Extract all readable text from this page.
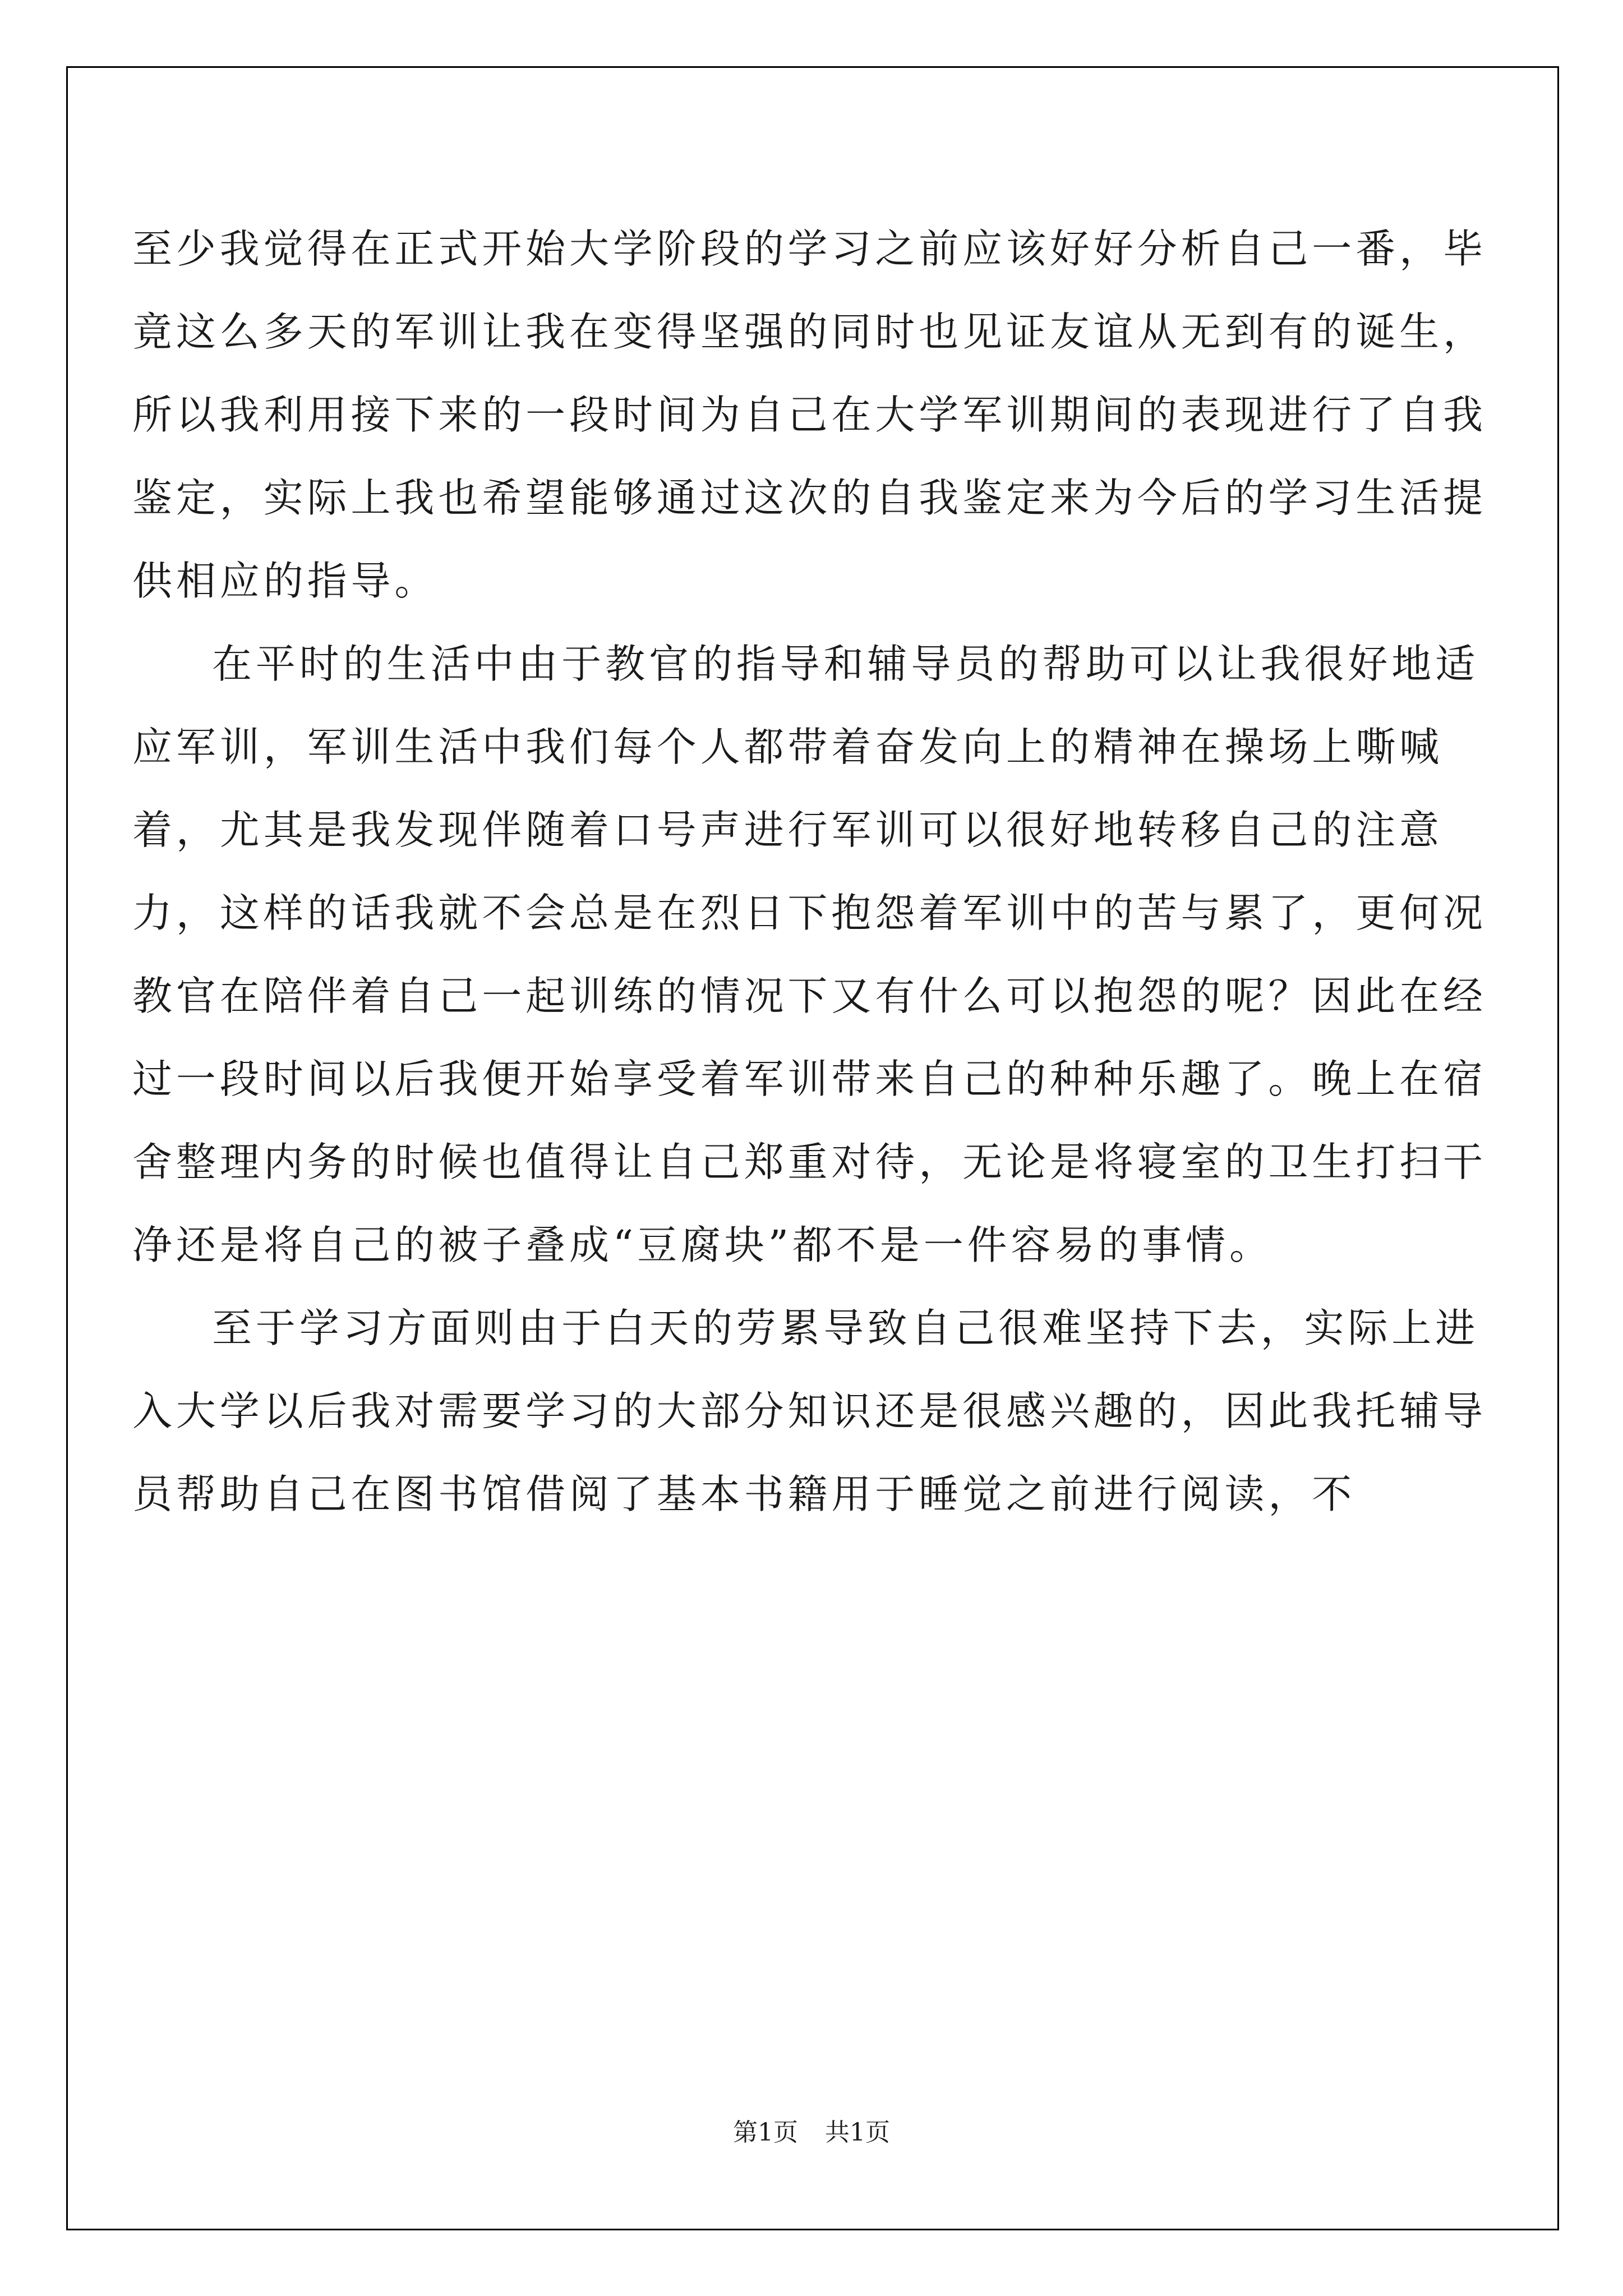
至少我觉得在正式开始大学阶段的学习之前应该好好分析自己一番，毕竟这么多天的军训让我在变得坚强的同时也见证友谊从无到有的诞生，所以我利用接下来的一段时间为自己在大学军训期间的表现进行了自我鉴定，实际上我也希望能够通过这次的自我鉴定来为今后的学习生活提供相应的指导。

在平时的生活中由于教官的指导和辅导员的帮助可以让我很好地适应军训，军训生活中我们每个人都带着奋发向上的精神在操场上嘶喊着，尤其是我发现伴随着口号声进行军训可以很好地转移自己的注意力，这样的话我就不会总是在烈日下抱怨着军训中的苦与累了，更何况教官在陪伴着自己一起训练的情况下又有什么可以抱怨的呢？因此在经过一段时间以后我便开始享受着军训带来自己的种种乐趣了。晚上在宿舍整理内务的时候也值得让自己郑重对待，无论是将寝室的卫生打扫干净还是将自己的被子叠成“豆腐块”都不是一件容易的事情。

至于学习方面则由于白天的劳累导致自己很难坚持下去，实际上进入大学以后我对需要学习的大部分知识还是很感兴趣的，因此我托辅导员帮助自己在图书馆借阅了基本书籍用于睡觉之前进行阅读，不

第1页 共1页
